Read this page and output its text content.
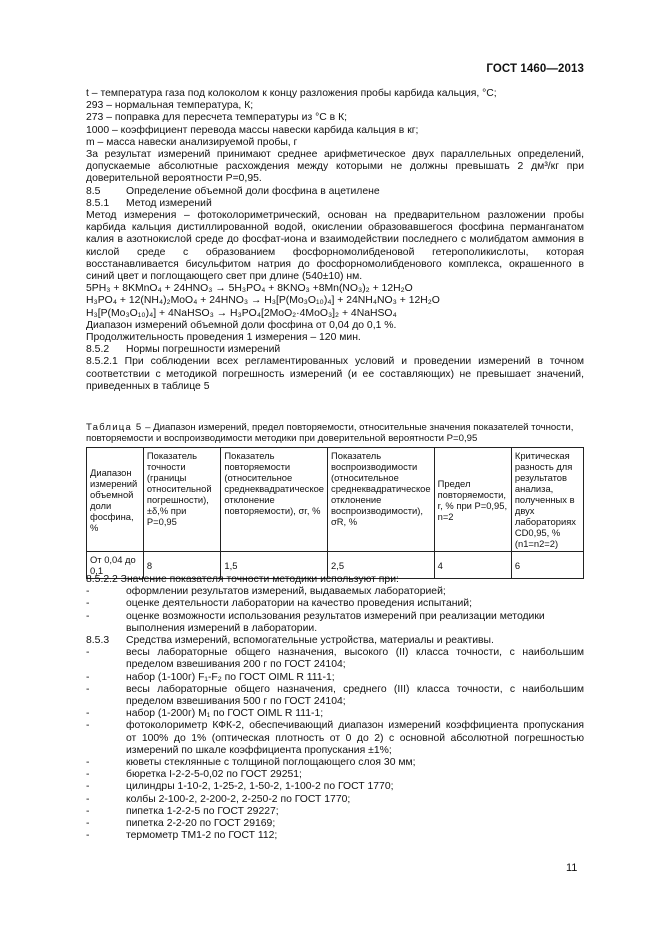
ГОСТ 1460—2013

t – температура газа под колоколом к концу разложения пробы карбида кальция, °С;

293 – нормальная температура, К;

273 – поправка для пересчета температуры из °С в К;

1000 – коэффициент перевода массы навески карбида кальция в кг;

m – масса навески анализируемой пробы, г

За результат измерений принимают среднее арифметическое двух параллельных определений, допускаемые абсолютные расхождения между которыми не должны превышать 2 дм³/кг при доверительной вероятности Р=0,95.

8.5	Определение объемной доли фосфина в ацетилене
8.5.1	Метод измерений

Метод измерения – фотоколориметрический, основан на предварительном разложении пробы карбида кальция дистиллированной водой, окислении образовавшегося фосфина перманганатом калия в азотнокислой среде до фосфат-иона и взаимодействии последнего с молибдатом аммония в кислой среде с образованием фосфорномолибденовой гетерополикислоты, которая восстанавливается бисульфитом натрия до фосфорномолибденового комплекса, окрашенного в синий цвет и поглощающего свет при длине (540±10) нм.

5PH₃ + 8KMnO₄ + 24HNO₃ → 5H₃PO₄ + 8KNO₃ +8Mn(NO₃)₂ + 12H₂O

H₃PO₄ + 12(NH₄)₂MoO₄ + 24HNO₃ → H₃[P(Mo₃O₁₀)₄] + 24NH₄NO₃ + 12H₂O

H₃[P(Mo₃O₁₀)₄] + 4NaHSO₃ → H₃PO₄[2MoO₂·4MoO₃]₂ + 4NaHSO₄

Диапазон измерений объемной доли фосфина от 0,04 до 0,1 %.

Продолжительность проведения 1 измерения – 120 мин.

8.5.2	Нормы погрешности измерений

8.5.2.1 При соблюдении всех регламентированных условий и проведении измерений в точном соответствии с методикой погрешность измерений (и ее составляющих) не превышает значений, приведенных в таблице 5

Таблица 5 – Диапазон измерений, предел повторяемости, относительные значения показателей точности, повторяемости и воспроизводимости методики при доверительной вероятности Р=0,95
Диапазон измерений объемной доли фосфина, %	Показатель точности (границы относительной погрешности), ±δ,% при Р=0,95	Показатель повторяемости (относительное среднеквадратическое отклонение повторяемости), σr, %	Показатель воспроизводимости (относительное среднеквадратическое отклонение воспроизводимости), σR, %	Предел повторяемости, r, % при Р=0,95, n=2	Критическая разность для результатов анализа, полученных в двух лабораториях CD0,95, % (n1=n2=2)
От 0,04 до 0,1	8	1,5	2,5	4	6

8.5.2.2 Значение показателя точности методики используют при:

-	оформлении результатов измерений, выдаваемых лабораторией;
-	оценке деятельности лаборатории на качество проведения испытаний;
-	оценке возможности использования результатов измерений при реализации методики выполнения измерений в лаборатории.
8.5.3	Средства измерений, вспомогательные устройства, материалы и реактивы.
-	весы лабораторные общего назначения, высокого (II) класса точности, с наибольшим пределом взвешивания 200 г по ГОСТ 24104;
-	набор (1-100г) F₁-F₂ по ГОСТ OIML R 111-1;
-	весы лабораторные общего назначения, среднего (III) класса точности, с наибольшим пределом взвешивания 500 г по ГОСТ 24104;
-	набор (1-200г) M₁ по ГОСТ OIML R 111-1;
-	фотоколориметр КФК-2, обеспечивающий диапазон измерений коэффициента пропускания от 100% до 1% (оптическая плотность от 0 до 2) с основной абсолютной погрешностью измерений по шкале коэффициента пропускания ±1%;
-	кюветы стеклянные с толщиной поглощающего слоя 30 мм;
-	бюретка I-2-2-5-0,02 по ГОСТ 29251;
-	цилиндры 1-10-2, 1-25-2, 1-50-2, 1-100-2 по ГОСТ 1770;
-	колбы 2-100-2, 2-200-2, 2-250-2 по ГОСТ 1770;
-	пипетка 1-2-2-5 по ГОСТ 29227;
-	пипетка 2-2-20 по ГОСТ 29169;
-	термометр ТМ1-2 по ГОСТ 112;
11
